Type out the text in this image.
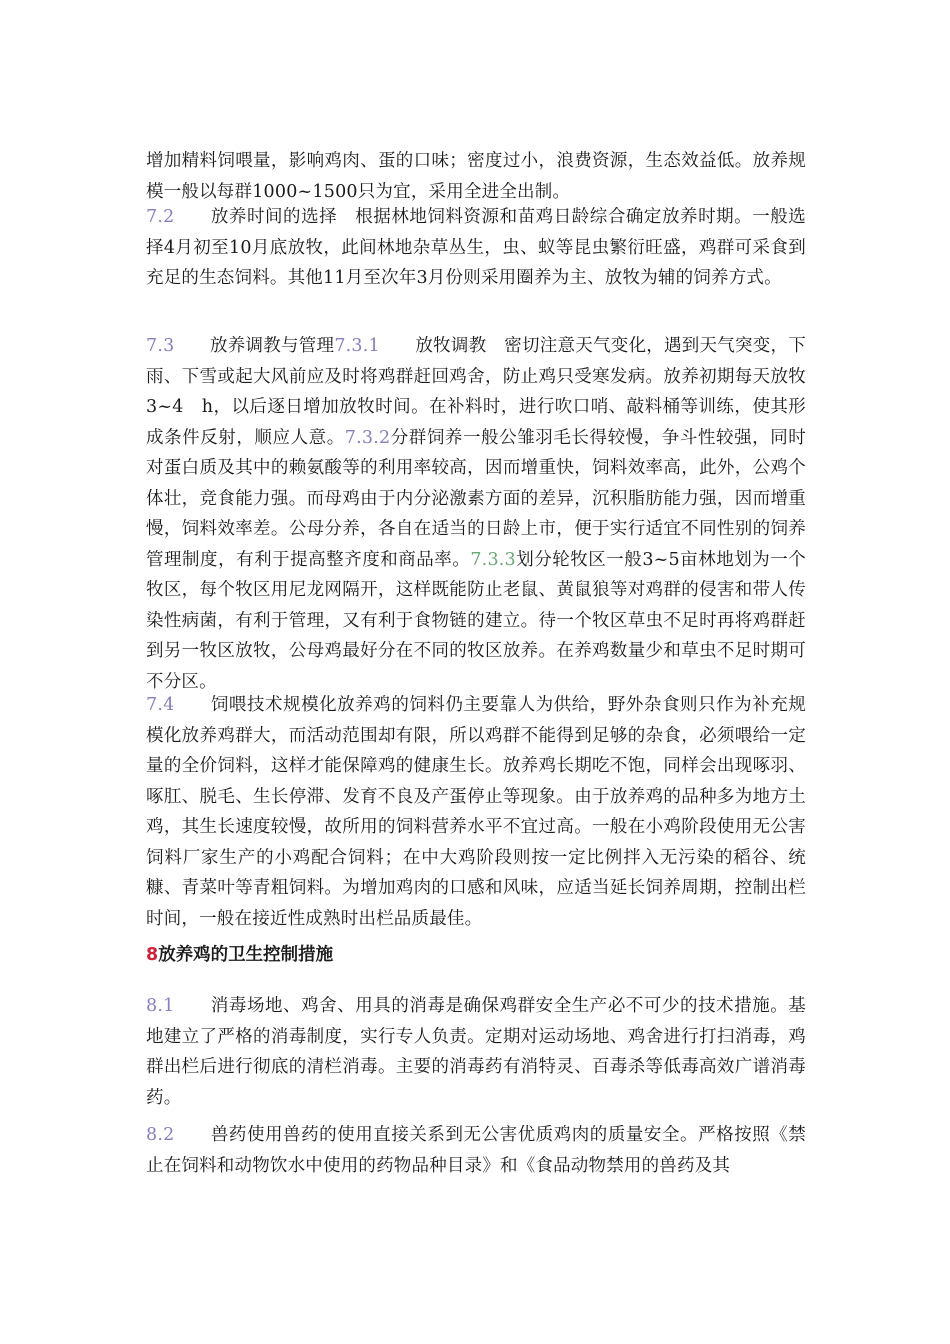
增加精料饲喂量，影响鸡肉、蛋的口味；密度过小，浪费资源，生态效益低。放养规模一般以每群1000~1500只为宜，采用全进全出制。

7.2　　 放养时间的选择　根据林地饲料资源和苗鸡日龄综合确定放养时期。一般选择4月初至10月底放牧，此间林地杂草丛生，虫、蚁等昆虫繁衍旺盛，鸡群可采食到充足的生态饲料。其他11月至次年3月份则采用圈养为主、放牧为辅的饲养方式。

7.3　　 放养调教与管理7.3.1　　 放牧调教　密切注意天气变化，遇到天气突变，下雨、下雪或起大风前应及时将鸡群赶回鸡舍，防止鸡只受寒发病。放养初期每天放牧3~4　h，以后逐日增加放牧时间。在补料时，进行吹口哨、敲料桶等训练，使其形成条件反射，顺应人意。7.3.2分群饲养一般公雏羽毛长得较慢，争斗性较强，同时对蛋白质及其中的赖氨酸等的利用率较高，因而增重快，饲料效率高，此外，公鸡个体壮，竞食能力强。而母鸡由于内分泌激素方面的差异，沉积脂肪能力强，因而增重慢，饲料效率差。公母分养，各自在适当的日龄上市，便于实行适宜不同性别的饲养管理制度，有利于提高整齐度和商品率。7.3.3划分轮牧区一般3~5亩林地划为一个牧区，每个牧区用尼龙网隔开，这样既能防止老鼠、黄鼠狼等对鸡群的侵害和带人传染性病菌，有利于管理，又有利于食物链的建立。待一个牧区草虫不足时再将鸡群赶到另一牧区放牧，公母鸡最好分在不同的牧区放养。在养鸡数量少和草虫不足时期可不分区。

7.4　　 饲喂技术规模化放养鸡的饲料仍主要靠人为供给，野外杂食则只作为补充规模化放养鸡群大，而活动范围却有限，所以鸡群不能得到足够的杂食，必须喂给一定量的全价饲料，这样才能保障鸡的健康生长。放养鸡长期吃不饱，同样会出现啄羽、啄肛、脱毛、生长停滞、发育不良及产蛋停止等现象。由于放养鸡的品种多为地方土鸡，其生长速度较慢，故所用的饲料营养水平不宜过高。一般在小鸡阶段使用无公害饲料厂家生产的小鸡配合饲料；在中大鸡阶段则按一定比例拌入无污染的稻谷、统糠、青菜叶等青粗饲料。为增加鸡肉的口感和风味，应适当延长饲养周期，控制出栏时间，一般在接近性成熟时出栏品质最佳。

8放养鸡的卫生控制措施

8.1　　 消毒场地、鸡舍、用具的消毒是确保鸡群安全生产必不可少的技术措施。基地建立了严格的消毒制度，实行专人负责。定期对运动场地、鸡舍进行打扫消毒，鸡群出栏后进行彻底的清栏消毒。主要的消毒药有消特灵、百毒杀等低毒高效广谱消毒药。

8.2　　 兽药使用兽药的使用直接关系到无公害优质鸡肉的质量安全。严格按照《禁止在饲料和动物饮水中使用的药物品种目录》和《食品动物禁用的兽药及其
